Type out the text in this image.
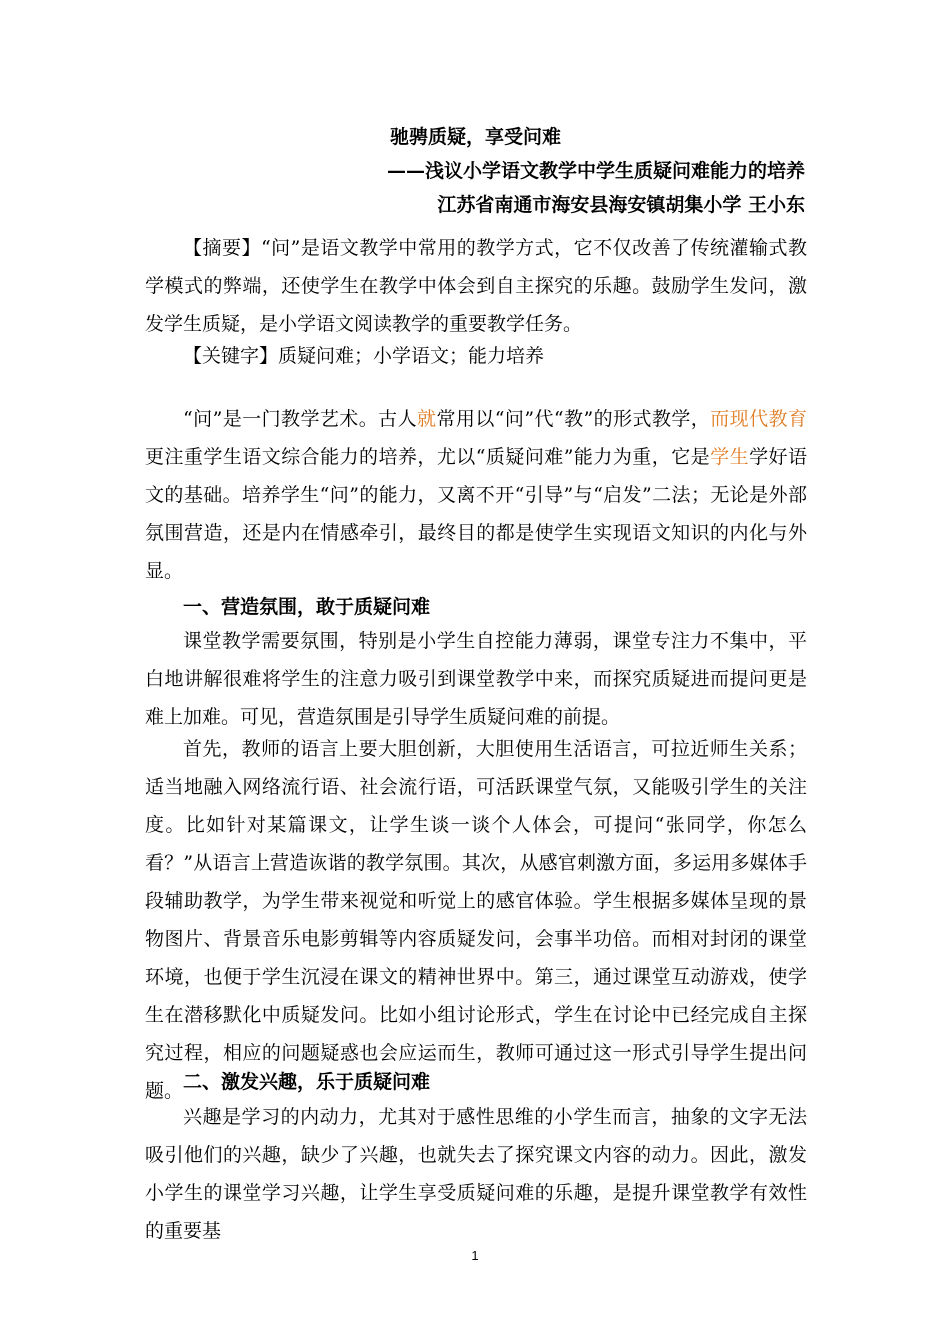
驰骋质疑，享受问难
——浅议小学语文教学中学生质疑问难能力的培养
江苏省南通市海安县海安镇胡集小学 王小东

【摘要】“问”是语文教学中常用的教学方式，它不仅改善了传统灌输式教学模式的弊端，还使学生在教学中体会到自主探究的乐趣。鼓励学生发问，激发学生质疑，是小学语文阅读教学的重要教学任务。

【关键字】质疑问难；小学语文；能力培养

“问”是一门教学艺术。古人就常用以“问”代“教”的形式教学，而现代教育更注重学生语文综合能力的培养，尤以“质疑问难”能力为重，它是学生学好语文的基础。培养学生“问”的能力，又离不开“引导”与“启发”二法；无论是外部氛围营造，还是内在情感牵引，最终目的都是使学生实现语文知识的内化与外显。

一、营造氛围，敢于质疑问难

课堂教学需要氛围，特别是小学生自控能力薄弱，课堂专注力不集中，平白地讲解很难将学生的注意力吸引到课堂教学中来，而探究质疑进而提问更是难上加难。可见，营造氛围是引导学生质疑问难的前提。

首先，教师的语言上要大胆创新，大胆使用生活语言，可拉近师生关系；适当地融入网络流行语、社会流行语，可活跃课堂气氛，又能吸引学生的关注度。比如针对某篇课文，让学生谈一谈个人体会，可提问“张同学，你怎么看？”从语言上营造诙谐的教学氛围。其次，从感官刺激方面，多运用多媒体手段辅助教学，为学生带来视觉和听觉上的感官体验。学生根据多媒体呈现的景物图片、背景音乐电影剪辑等内容质疑发问，会事半功倍。而相对封闭的课堂环境，也便于学生沉浸在课文的精神世界中。第三，通过课堂互动游戏，使学生在潜移默化中质疑发问。比如小组讨论形式，学生在讨论中已经完成自主探究过程，相应的问题疑惑也会应运而生，教师可通过这一形式引导学生提出问题。 二、激发兴趣，乐于质疑问难

兴趣是学习的内动力，尤其对于感性思维的小学生而言，抽象的文字无法吸引他们的兴趣，缺少了兴趣，也就失去了探究课文内容的动力。因此，激发小学生的课堂学习兴趣，让学生享受质疑问难的乐趣，是提升课堂教学有效性的重要基

1
